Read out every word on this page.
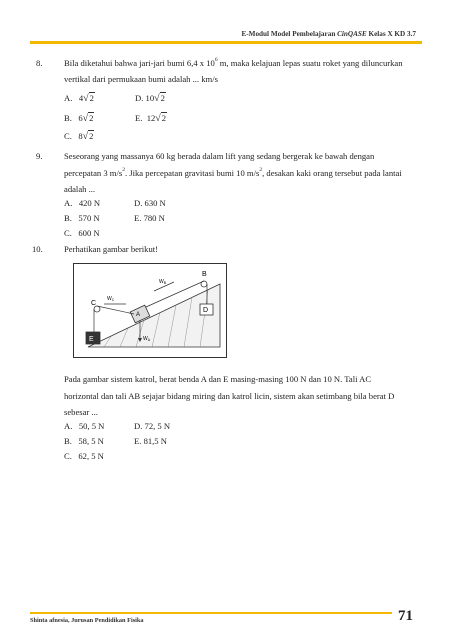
E-Modul Model Pembelajaran CinQASE Kelas X KD 3.7
8.	Bila diketahui bahwa jari-jari bumi 6,4 x $10^6$ m, maka kelajuan lepas suatu roket yang diluncurkan
vertikal dari permukaan bumi adalah ... km/s
A. 4√2	D. 10√2
B. 6√2	E. 12√2
C. 8√2
9.	Seseorang yang massanya 60 kg berada dalam lift yang sedang bergerak ke bawah dengan
percepatan 3 $m/s^2$. Jika percepatan gravitasi bumi 10 $m/s^2$, desakan kaki orang tersebut pada lantai
adalah ...
A. 420 N	D. 630 N
B. 570 N	E. 780 N
C. 600 N
10. Perhatikan gambar berikut!
A
B
D
C
E	$W_A$
$W_B$
$W_C$
Pada gambar sistem katrol, berat benda A dan E masing-masing 100 N dan 10 N. Tali AC
horizontal dan tali AB sejajar bidang miring dan katrol licin, sistem akan setimbang bila berat D
sebesar ...
A. 50, 5 N	D. 72, 5 N
B. 58, 5 N	E. 81,5 N
C. 62, 5 N
Shinta afnesia, Jurusan Pendidikan Fisika	71
